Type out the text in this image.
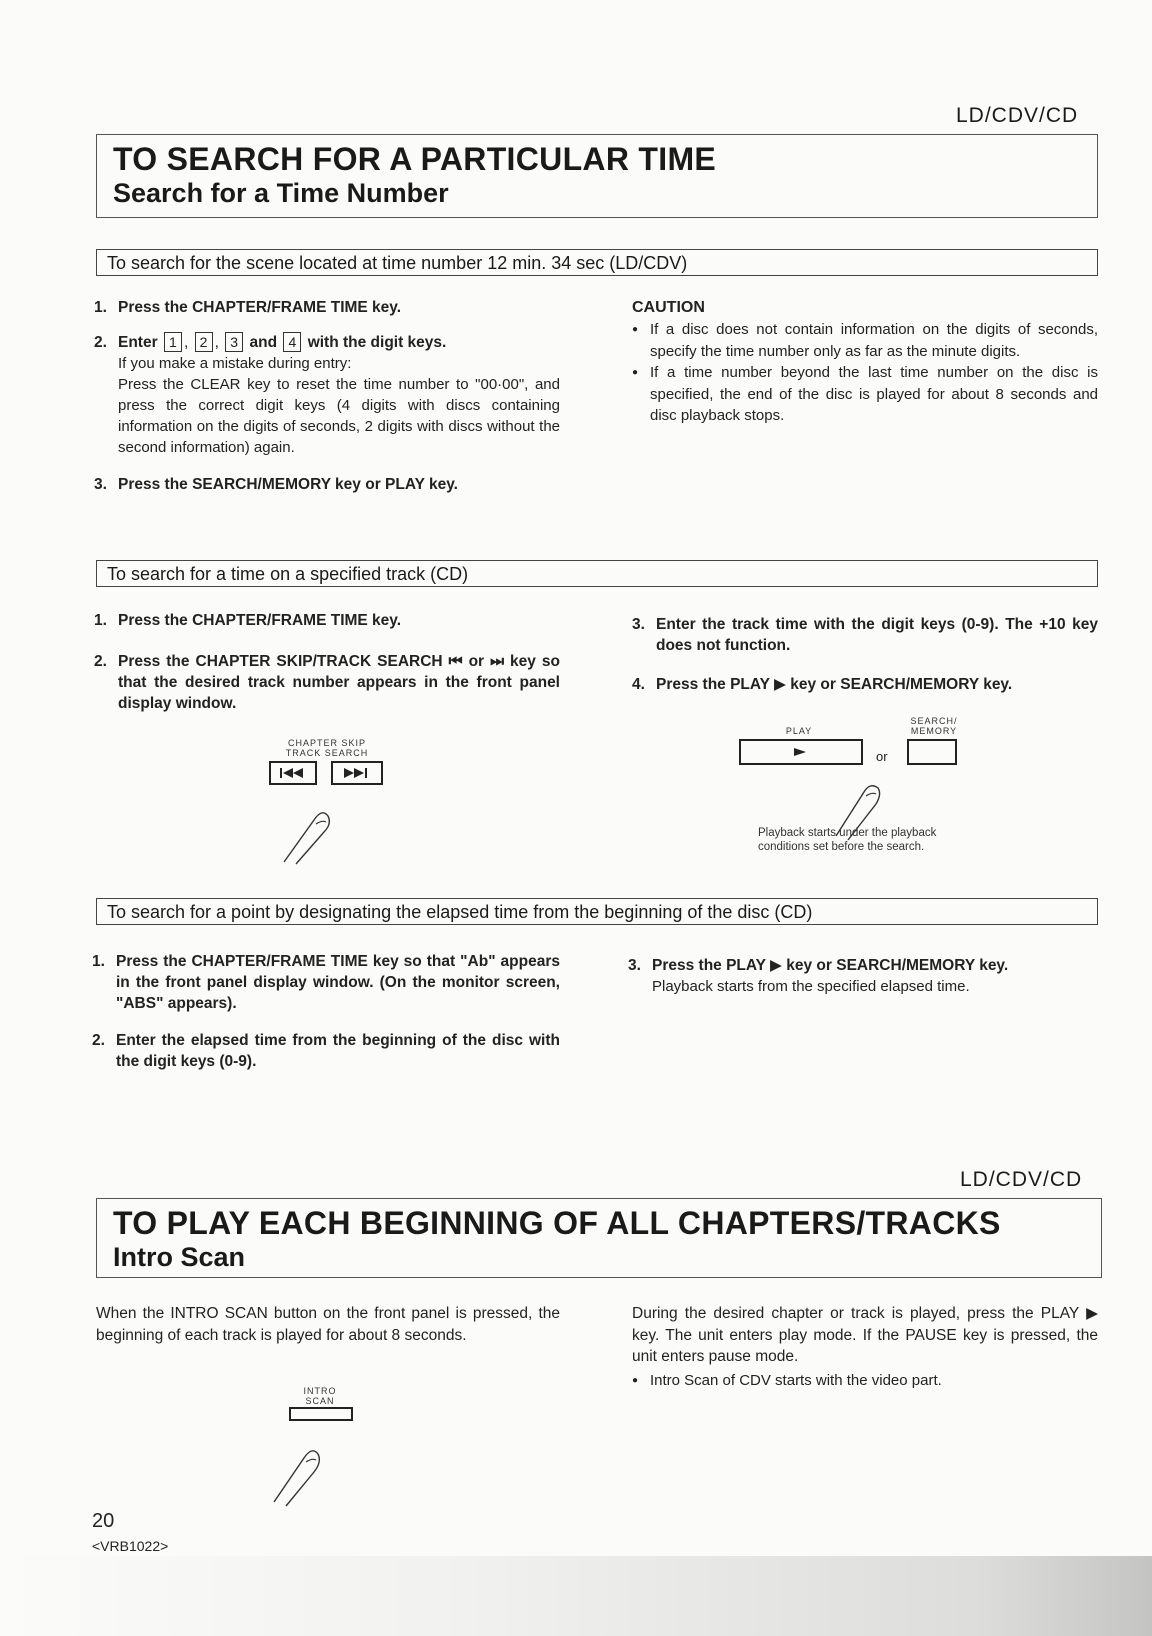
LD/CDV/CD
TO SEARCH FOR A PARTICULAR TIME
Search for a Time Number
To search for the scene located at time number 12 min. 34 sec (LD/CDV)
1. Press the CHAPTER/FRAME TIME key.
2. Enter 1 , 2 , 3 and 4 with the digit keys.
If you make a mistake during entry:
Press the CLEAR key to reset the time number to "00·00", and press the correct digit keys (4 digits with discs containing information on the digits of seconds, 2 digits with discs without the second information) again.
3. Press the SEARCH/MEMORY key or PLAY key.
CAUTION
● If a disc does not contain information on the digits of seconds, specify the time number only as far as the minute digits.
● If a time number beyond the last time number on the disc is specified, the end of the disc is played for about 8 seconds and disc playback stops.
To search for a time on a specified track (CD)
1. Press the CHAPTER/FRAME TIME key.
2. Press the CHAPTER SKIP/TRACK SEARCH ⏮ or ⏭ key so that the desired track number appears in the front panel display window.
CHAPTER SKIP
TRACK SEARCH
3. Enter the track time with the digit keys (0-9). The +10 key does not function.
4. Press the PLAY ▶ key or SEARCH/MEMORY key.
PLAY
SEARCH/
MEMORY
or
Playback starts under the playback
conditions set before the search.
To search for a point by designating the elapsed time from the beginning of the disc (CD)
1. Press the CHAPTER/FRAME TIME key so that "Ab" appears in the front panel display window. (On the monitor screen, "ABS" appears).
2. Enter the elapsed time from the beginning of the disc with the digit keys (0-9).
3. Press the PLAY ▶ key or SEARCH/MEMORY key.
Playback starts from the specified elapsed time.
LD/CDV/CD
TO PLAY EACH BEGINNING OF ALL CHAPTERS/TRACKS
Intro Scan
When the INTRO SCAN button on the front panel is pressed, the beginning of each track is played for about 8 seconds.
During the desired chapter or track is played, press the PLAY ▶ key. The unit enters play mode. If the PAUSE key is pressed, the unit enters pause mode.
● Intro Scan of CDV starts with the video part.
INTRO
SCAN
20
<VRB1022>
